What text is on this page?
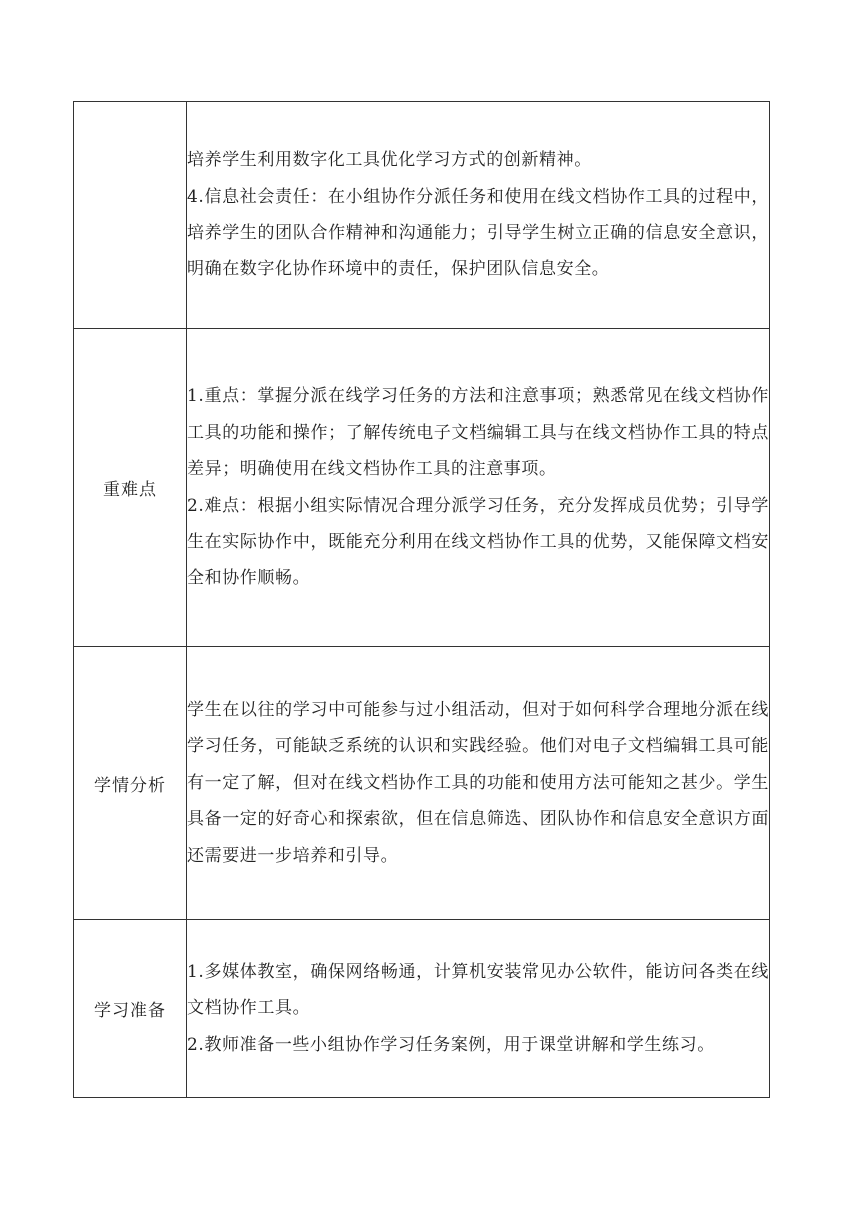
	培养学生利用数字化工具优化学习方式的创新精神。

4.信息社会责任：在小组协作分派任务和使用在线文档协作工具的过程中，培养学生的团队合作精神和沟通能力；引导学生树立正确的信息安全意识，明确在数字化协作环境中的责任，保护团队信息安全。

重难点	1.重点：掌握分派在线学习任务的方法和注意事项；熟悉常见在线文档协作工具的功能和操作；了解传统电子文档编辑工具与在线文档协作工具的特点差异；明确使用在线文档协作工具的注意事项。

2.难点：根据小组实际情况合理分派学习任务，充分发挥成员优势；引导学生在实际协作中，既能充分利用在线文档协作工具的优势，又能保障文档安全和协作顺畅。

学情分析	学生在以往的学习中可能参与过小组活动，但对于如何科学合理地分派在线学习任务，可能缺乏系统的认识和实践经验。他们对电子文档编辑工具可能有一定了解，但对在线文档协作工具的功能和使用方法可能知之甚少。学生具备一定的好奇心和探索欲，但在信息筛选、团队协作和信息安全意识方面还需要进一步培养和引导。

学习准备	1.多媒体教室，确保网络畅通，计算机安装常见办公软件，能访问各类在线文档协作工具。

2.教师准备一些小组协作学习任务案例，用于课堂讲解和学生练习。
